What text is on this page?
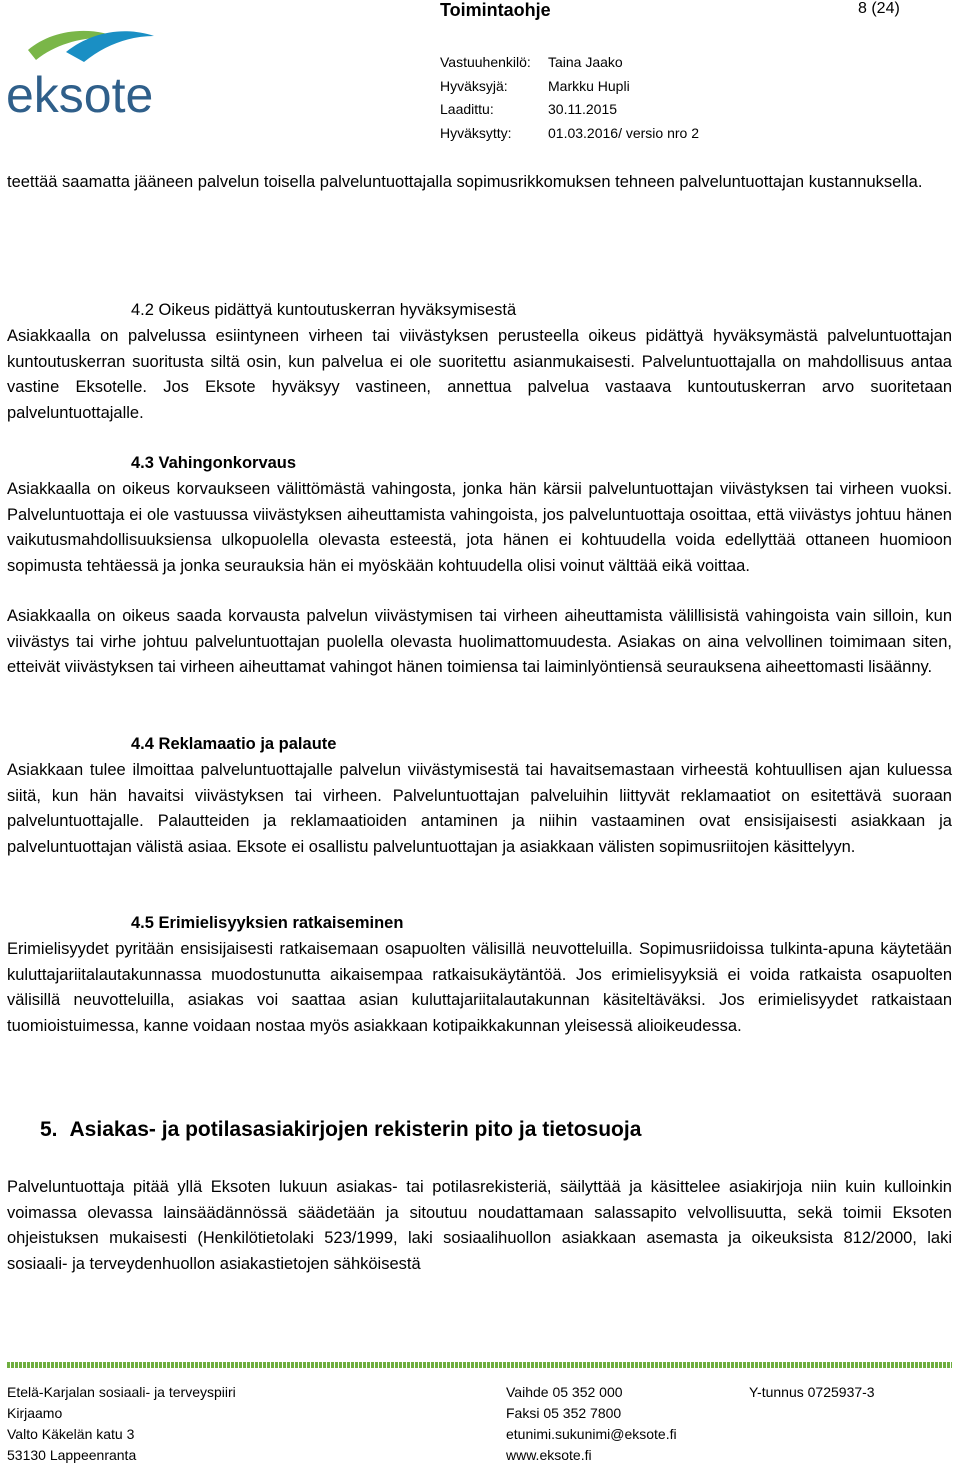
eksote
Toimintaohje	8 (24)
Vastuuhenkilö:
Hyväksyjä:
Laadittu:
Hyväksytty:
Taina Jaako
Markku Hupli
30.11.2015
01.03.2016/ versio nro 2
teettää saamatta jääneen palvelun toisella palveluntuottajalla sopimusrikkomuksen tehneen palveluntuottajan kustannuksella.
4.2 Oikeus pidättyä kuntoutuskerran hyväksymisestä
Asiakkaalla on palvelussa esiintyneen virheen tai viivästyksen perusteella oikeus pidättyä hyväksymästä palveluntuottajan kuntoutuskerran suoritusta siltä osin, kun palvelua ei ole suoritettu asianmukaisesti. Palveluntuottajalla on mahdollisuus antaa vastine Eksotelle. Jos Eksote hyväksyy vastineen, annettua palvelua vastaava kuntoutuskerran arvo suoritetaan palveluntuottajalle.
4.3 Vahingonkorvaus
Asiakkaalla on oikeus korvaukseen välittömästä vahingosta, jonka hän kärsii palveluntuottajan viivästyksen tai virheen vuoksi. Palveluntuottaja ei ole vastuussa viivästyksen aiheuttamista vahingoista, jos palveluntuottaja osoittaa, että viivästys johtuu hänen vaikutusmahdollisuuksiensa ulkopuolella olevasta esteestä, jota hänen ei kohtuudella voida edellyttää ottaneen huomioon sopimusta tehtäessä ja jonka seurauksia hän ei myöskään kohtuudella olisi voinut välttää eikä voittaa.
Asiakkaalla on oikeus saada korvausta palvelun viivästymisen tai virheen aiheuttamista välillisistä vahingoista vain silloin, kun viivästys tai virhe johtuu palveluntuottajan puolella olevasta huolimattomuudesta. Asiakas on aina velvollinen toimimaan siten, etteivät viivästyksen tai virheen aiheuttamat vahingot hänen toimiensa tai laiminlyöntiensä seurauksena aiheettomasti lisäänny.
4.4 Reklamaatio ja palaute
Asiakkaan tulee ilmoittaa palveluntuottajalle palvelun viivästymisestä tai havaitsemastaan virheestä kohtuullisen ajan kuluessa siitä, kun hän havaitsi viivästyksen tai virheen. Palveluntuottajan palveluihin liittyvät reklamaatiot on esitettävä suoraan palveluntuottajalle. Palautteiden ja reklamaatioiden antaminen ja niihin vastaaminen ovat ensisijaisesti asiakkaan ja palveluntuottajan välistä asiaa. Eksote ei osallistu palveluntuottajan ja asiakkaan välisten sopimusriitojen käsittelyyn.
4.5 Erimielisyyksien ratkaiseminen
Erimielisyydet pyritään ensisijaisesti ratkaisemaan osapuolten välisillä neuvotteluilla. Sopimusriidoissa tulkinta-apuna käytetään kuluttajariitalautakunnassa muodostunutta aikaisempaa ratkaisukäytäntöä. Jos erimielisyyksiä ei voida ratkaista osapuolten välisillä neuvotteluilla, asiakas voi saattaa asian kuluttajariitalautakunnan käsiteltäväksi. Jos erimielisyydet ratkaistaan tuomioistuimessa, kanne voidaan nostaa myös asiakkaan kotipaikkakunnan yleisessä alioikeudessa.
5. Asiakas- ja potilasasiakirjojen rekisterin pito ja tietosuoja
Palveluntuottaja pitää yllä Eksoten lukuun asiakas- tai potilasrekisteriä, säilyttää ja käsittelee asiakirjoja niin kuin kulloinkin voimassa olevassa lainsäädännössä säädetään ja sitoutuu noudattamaan salassapito velvollisuutta, sekä toimii Eksoten ohjeistuksen mukaisesti (Henkilötietolaki 523/1999, laki sosiaalihuollon asiakkaan asemasta ja oikeuksista 812/2000, laki sosiaali- ja terveydenhuollon asiakastietojen sähköisestä
Etelä-Karjalan sosiaali- ja terveyspiiri
Kirjaamo
Valto Käkelän katu 3
53130 Lappeenranta
Vaihde 05 352 000
Faksi 05 352 7800
etunimi.sukunimi@eksote.fi
www.eksote.fi
Y-tunnus 0725937-3
